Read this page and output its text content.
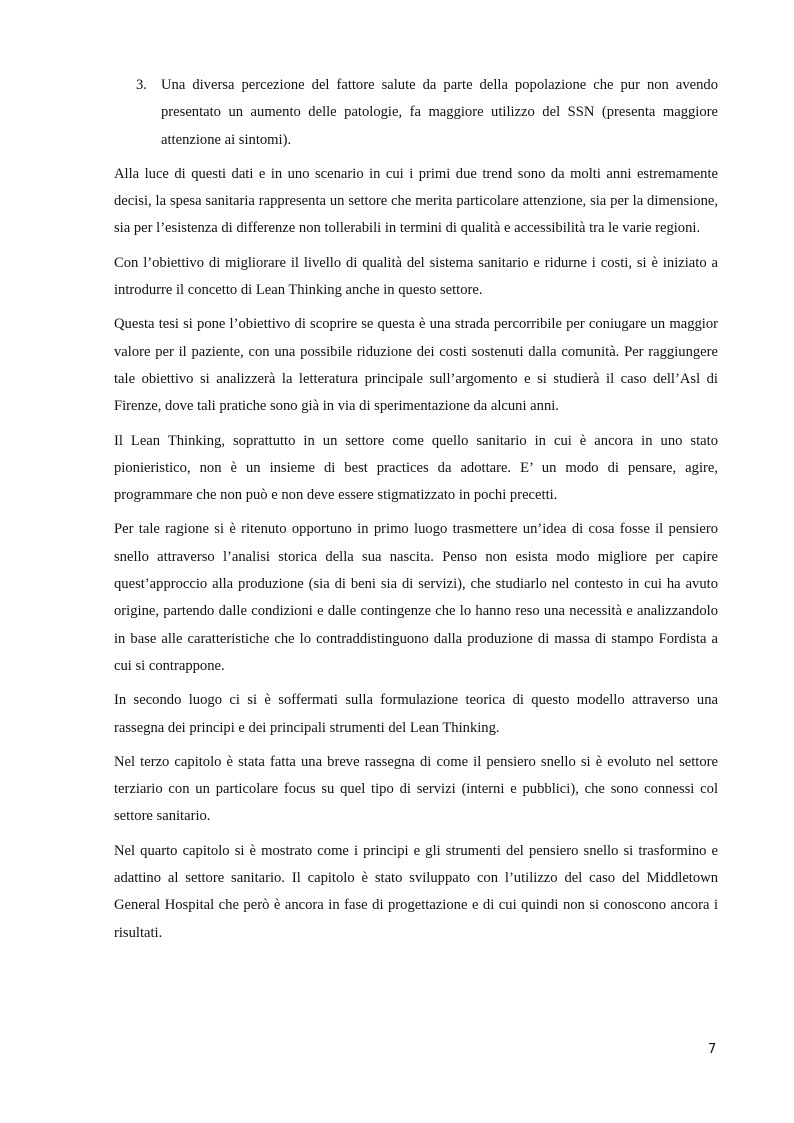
3. Una diversa percezione del fattore salute da parte della popolazione che pur non avendo presentato un aumento delle patologie, fa maggiore utilizzo del SSN (presenta maggiore attenzione ai sintomi).

Alla luce di questi dati e in uno scenario in cui i primi due trend sono da molti anni estremamente decisi, la spesa sanitaria rappresenta un settore che merita particolare attenzione, sia per la dimensione, sia per l’esistenza di differenze non tollerabili in termini di qualità e accessibilità tra le varie regioni.

Con l’obiettivo di migliorare il livello di qualità del sistema sanitario e ridurne i costi, si è iniziato a introdurre il concetto di Lean Thinking anche in questo settore.

Questa tesi si pone l’obiettivo di scoprire se questa è una strada percorribile per coniugare un maggior valore per il paziente, con una possibile riduzione dei costi sostenuti dalla comunità. Per raggiungere tale obiettivo si analizzerà la letteratura principale sull’argomento e si studierà il caso dell’Asl di Firenze, dove tali pratiche sono già in via di sperimentazione da alcuni anni.

Il Lean Thinking, soprattutto in un settore come quello sanitario in cui è ancora in uno stato pionieristico, non è un insieme di best practices da adottare. E’ un modo di pensare, agire, programmare che non può e non deve essere stigmatizzato in pochi precetti.

Per tale ragione si è ritenuto opportuno in primo luogo trasmettere un’idea di cosa fosse il pensiero snello attraverso l’analisi storica della sua nascita. Penso non esista modo migliore per capire quest’approccio alla produzione (sia di beni sia di servizi), che studiarlo nel contesto in cui ha avuto origine, partendo dalle condizioni e dalle contingenze che lo hanno reso una necessità e analizzandolo in base alle caratteristiche che lo contraddistinguono dalla produzione di massa di stampo Fordista a cui si contrappone.

In secondo luogo ci si è soffermati sulla formulazione teorica di questo modello attraverso una rassegna dei principi e dei principali strumenti del Lean Thinking.

Nel terzo capitolo è stata fatta una breve rassegna di come il pensiero snello si è evoluto nel settore terziario con un particolare focus su quel tipo di servizi (interni e pubblici), che sono connessi col settore sanitario.

Nel quarto capitolo si è mostrato come i principi e gli strumenti del pensiero snello si trasformino e adattino al settore sanitario. Il capitolo è stato sviluppato con l’utilizzo del caso del Middletown General Hospital che però è ancora in fase di progettazione e di cui quindi non si conoscono ancora i risultati.

7
